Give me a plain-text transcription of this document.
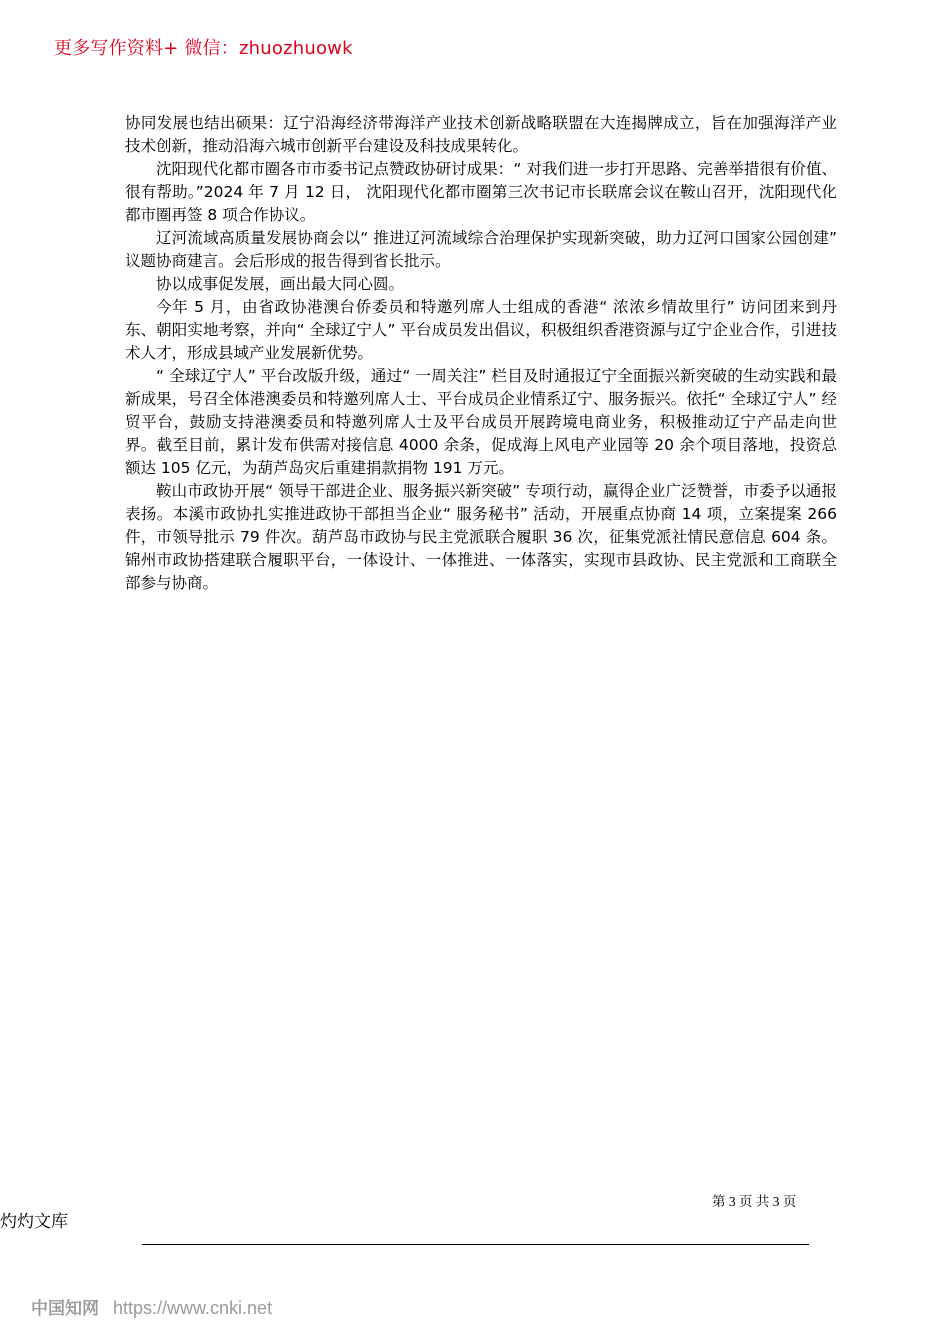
更多写作资料+ 微信：zhuozhuowk

协同发展也结出硕果：辽宁沿海经济带海洋产业技术创新战略联盟在大连揭牌成立，旨在加强海洋产业技术创新，推动沿海六城市创新平台建设及科技成果转化。

沈阳现代化都市圈各市市委书记点赞政协研讨成果：“ 对我们进一步打开思路、完善举措很有价值、 很有帮助。”2024 年 7 月 12 日， 沈阳现代化都市圈第三次书记市长联席会议在鞍山召开，沈阳现代化都市圈再签 8 项合作协议。

辽河流域高质量发展协商会以“ 推进辽河流域综合治理保护实现新突破，助力辽河口国家公园创建” 议题协商建言。会后形成的报告得到省长批示。

协以成事促发展，画出最大同心圆。

今年 5 月，由省政协港澳台侨委员和特邀列席人士组成的香港“ 浓浓乡情故里行” 访问团来到丹东、朝阳实地考察，并向“ 全球辽宁人” 平台成员发出倡议，积极组织香港资源与辽宁企业合作，引进技术人才，形成县域产业发展新优势。

“ 全球辽宁人” 平台改版升级，通过“ 一周关注” 栏目及时通报辽宁全面振兴新突破的生动实践和最新成果，号召全体港澳委员和特邀列席人士、平台成员企业情系辽宁、服务振兴。依托“ 全球辽宁人” 经贸平台，鼓励支持港澳委员和特邀列席人士及平台成员开展跨境电商业务，积极推动辽宁产品走向世界。截至目前，累计发布供需对接信息 4000 余条，促成海上风电产业园等 20 余个项目落地，投资总额达 105 亿元，为葫芦岛灾后重建捐款捐物 191 万元。

鞍山市政协开展“ 领导干部进企业、服务振兴新突破” 专项行动，赢得企业广泛赞誉，市委予以通报表扬。本溪市政协扎实推进政协干部担当企业“ 服务秘书” 活动，开展重点协商 14 项，立案提案 266 件，市领导批示 79 件次。葫芦岛市政协与民主党派联合履职 36 次，征集党派社情民意信息 604 条。锦州市政协搭建联合履职平台，一体设计、一体推进、一体落实，实现市县政协、民主党派和工商联全部参与协商。

第 3 页 共 3 页
灼灼文库
中国知网 https://www.cnki.net
